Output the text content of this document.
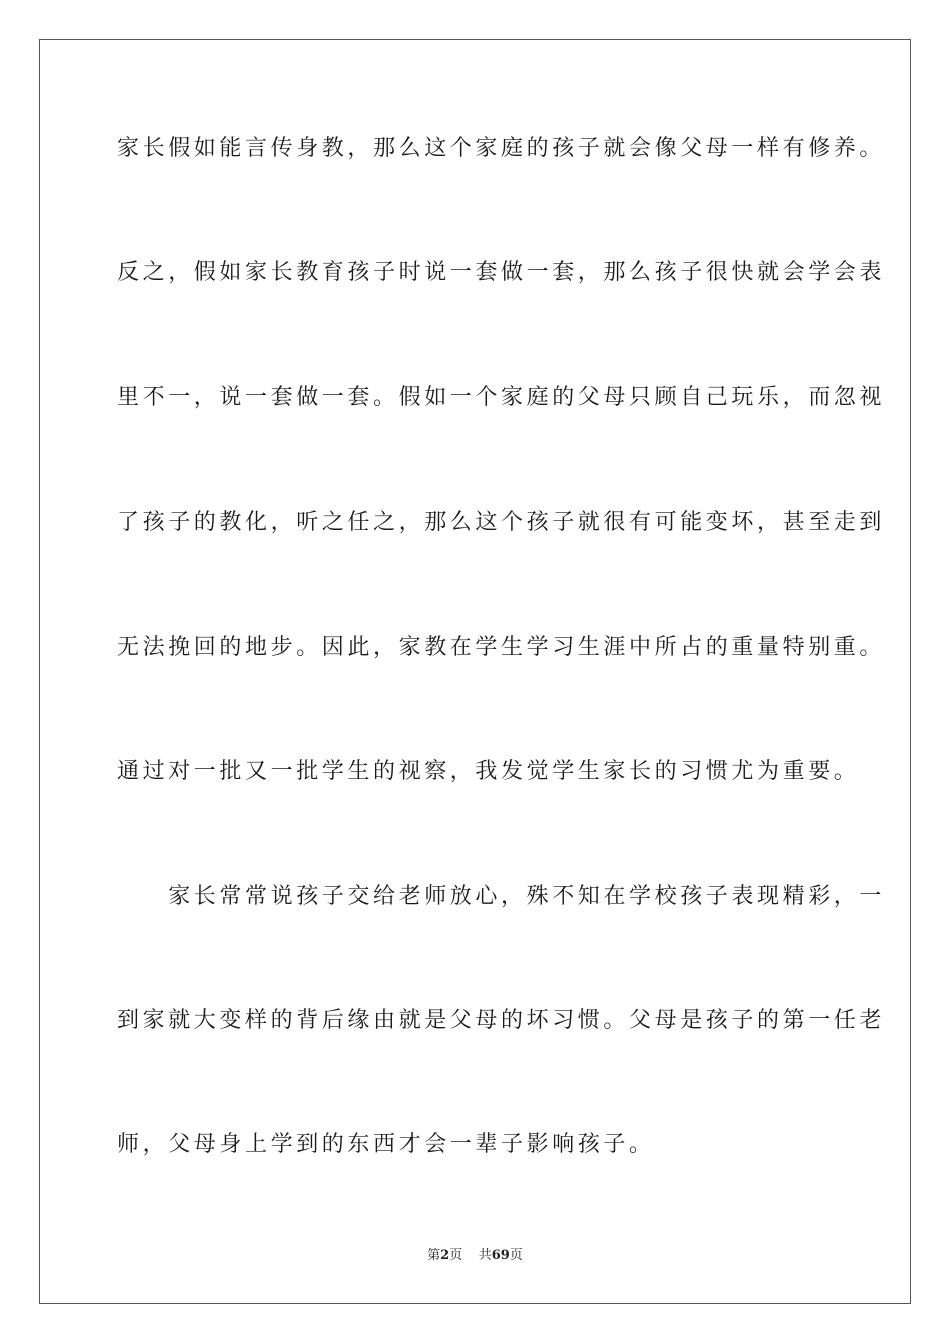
家长假如能言传身教，那么这个家庭的孩子就会像父母一样有修养。

反之，假如家长教育孩子时说一套做一套，那么孩子很快就会学会表

里不一，说一套做一套。假如一个家庭的父母只顾自己玩乐，而忽视

了孩子的教化，听之任之，那么这个孩子就很有可能变坏，甚至走到

无法挽回的地步。因此，家教在学生学习生涯中所占的重量特别重。

通过对一批又一批学生的视察，我发觉学生家长的习惯尤为重要。

　　家长常常说孩子交给老师放心，殊不知在学校孩子表现精彩，一

到家就大变样的背后缘由就是父母的坏习惯。父母是孩子的第一任老

师，父母身上学到的东西才会一辈子影响孩子。

第2页 共69页
